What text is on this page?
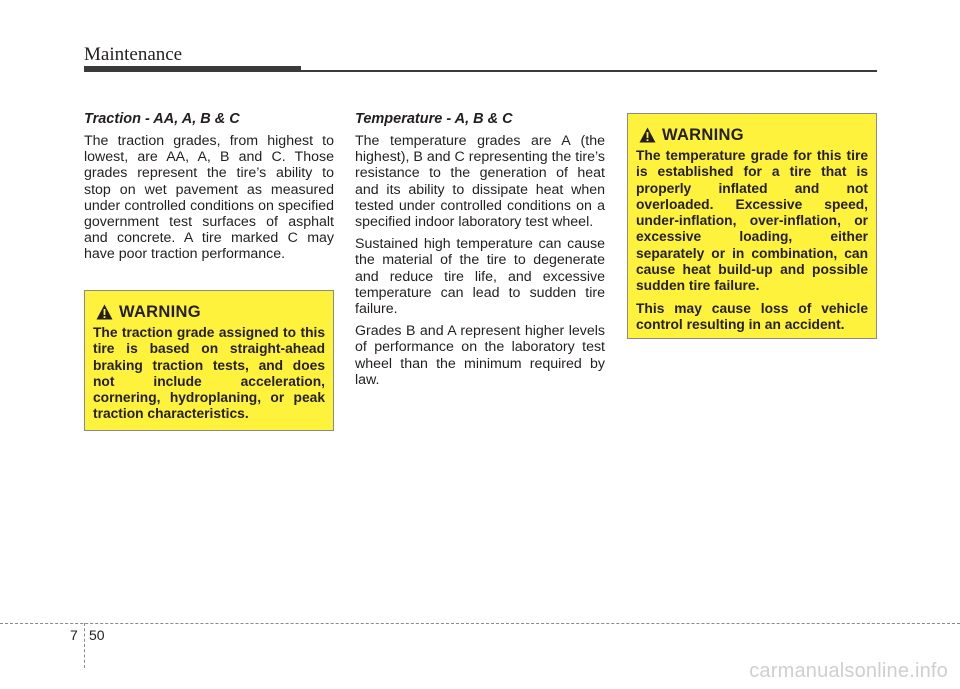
Maintenance
Traction - AA, A, B & C

The traction grades, from highest to lowest, are AA, A, B and C. Those grades represent the tire’s ability to stop on wet pavement as measured under controlled conditions on specified government test surfaces of asphalt and concrete. A tire marked C may have poor traction performance.

WARNING

The traction grade assigned to this tire is based on straight-ahead braking traction tests, and does not include acceleration, cornering, hydroplaning, or peak traction characteristics.

Temperature - A, B & C

The temperature grades are A (the highest), B and C representing the tire’s resistance to the generation of heat and its ability to dissipate heat when tested under controlled conditions on a specified indoor laboratory test wheel.

Sustained high temperature can cause the material of the tire to degenerate and reduce tire life, and excessive temperature can lead to sudden tire failure.

Grades B and A represent higher levels of performance on the laboratory test wheel than the minimum required by law.

WARNING

The temperature grade for this tire is established for a tire that is properly inflated and not overloaded. Excessive speed, under-inflation, over-inflation, or excessive loading, either separately or in combination, can cause heat build-up and possible sudden tire failure.

This may cause loss of vehicle control resulting in an accident.

7 50
carmanualsonline.info
